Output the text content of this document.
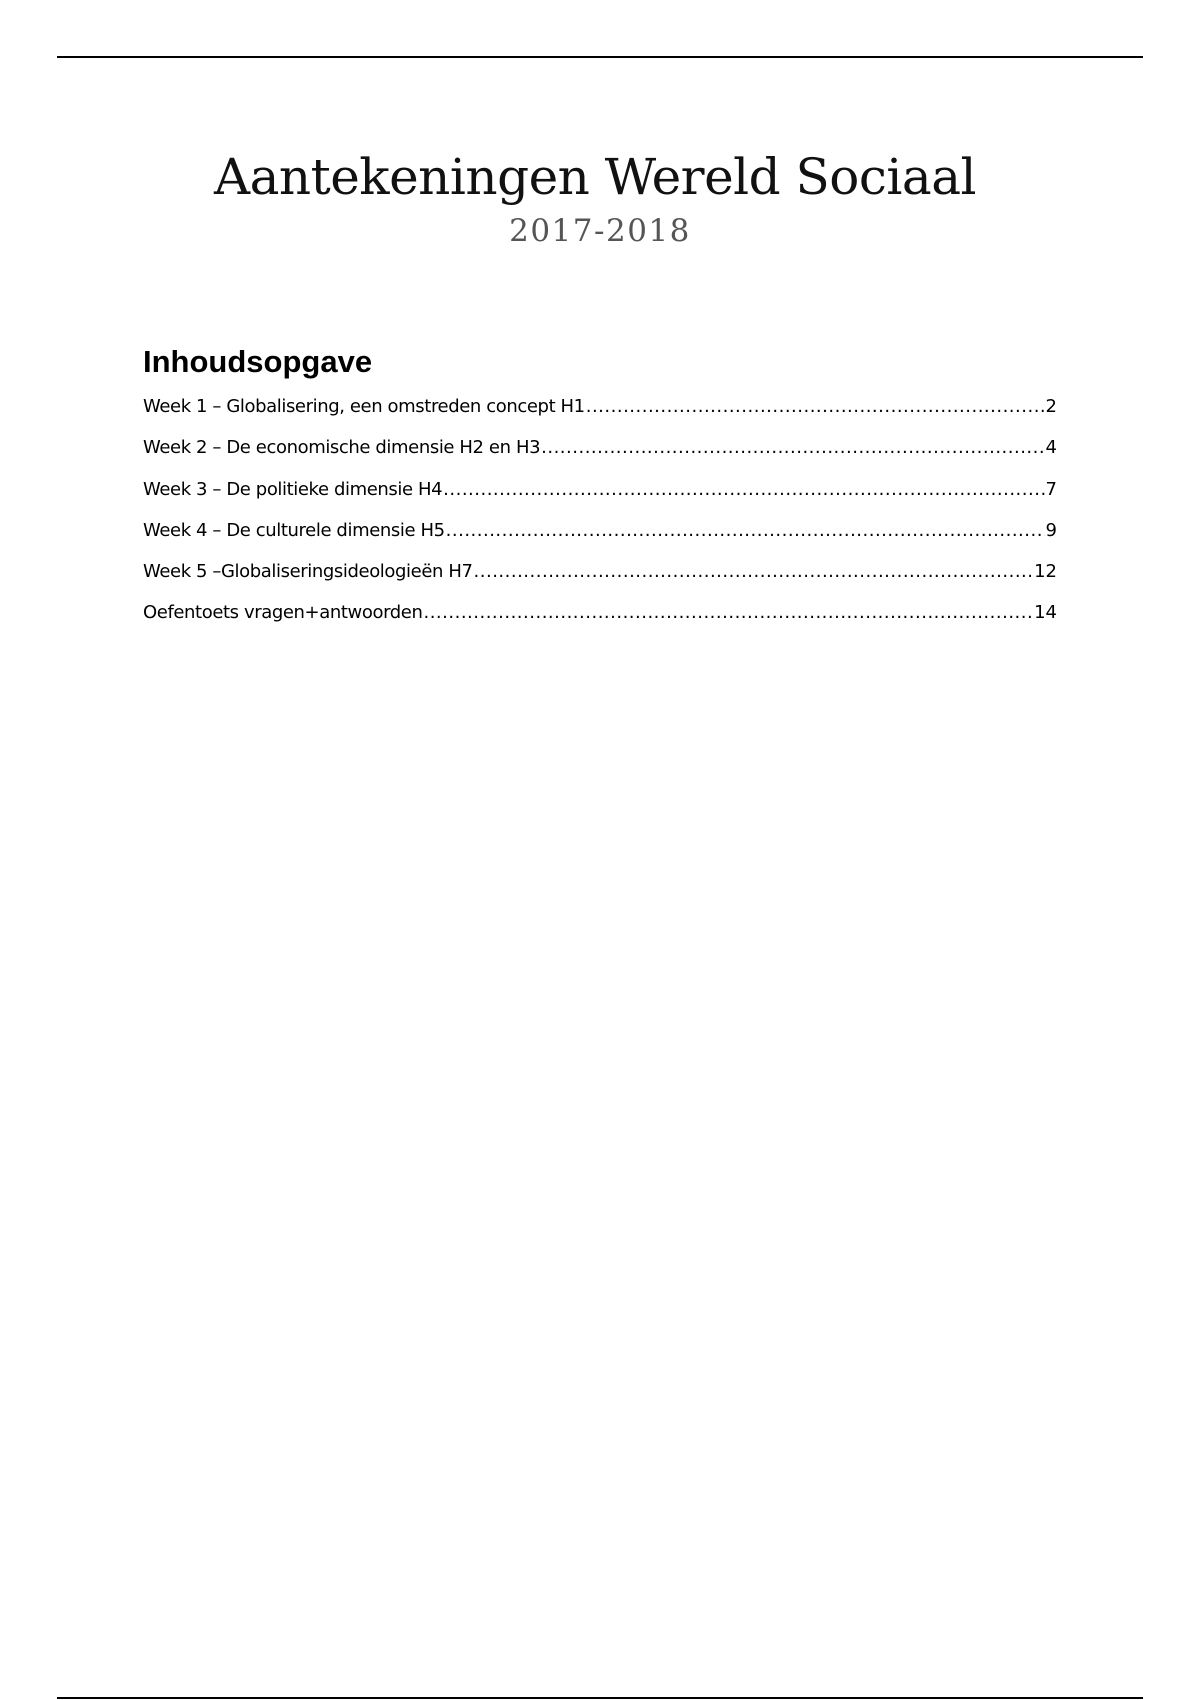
Aantekeningen Wereld Sociaal
2017-2018
Inhoudsopgave
Week 1 – Globalisering, een omstreden concept H1 .....	2
Week 2 – De economische dimensie H2 en H3 .....	4
Week 3 – De politieke dimensie H4 .....	7
Week 4 – De culturele dimensie H5 .....	9
Week 5 –Globaliseringsideologieën H7 .....	12
Oefentoets vragen+antwoorden .....	14
